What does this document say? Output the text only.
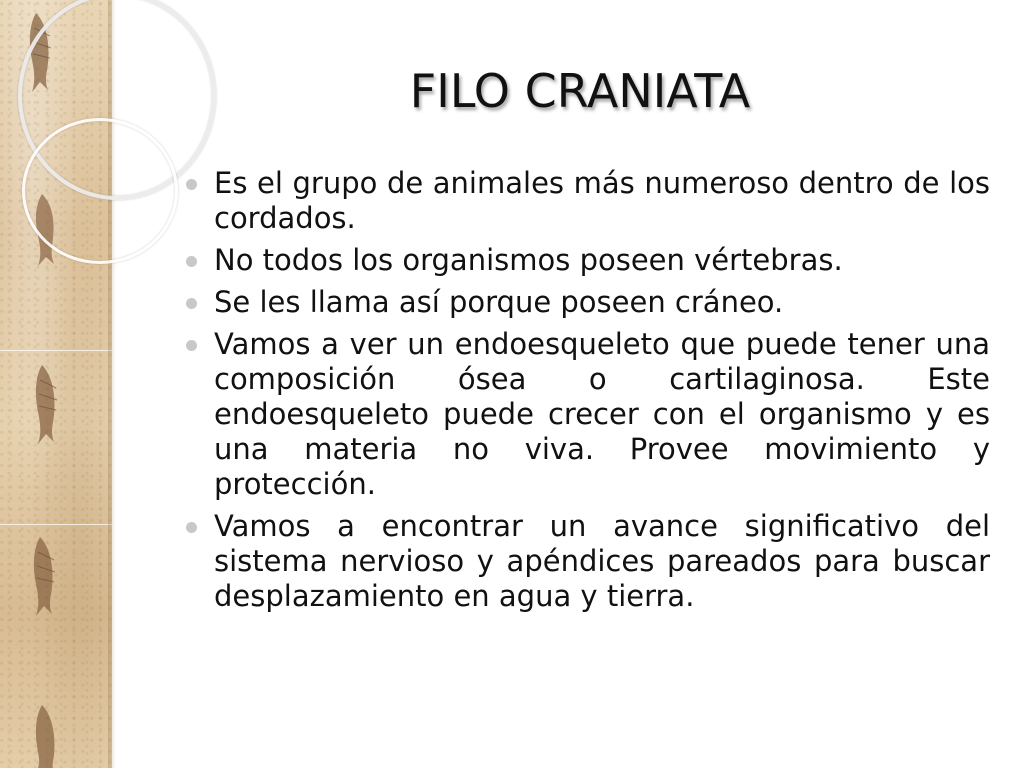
FILO CRANIATA
Es el grupo de animales más numeroso dentro de los cordados.
No todos los organismos poseen vértebras.
Se les llama así porque poseen cráneo.
Vamos a ver un endoesqueleto que puede tener una composición ósea o cartilaginosa. Este endoesqueleto puede crecer con el organismo y es una materia no viva. Provee movimiento y protección.
Vamos a encontrar un avance significativo del sistema nervioso y apéndices pareados para buscar desplazamiento en agua y tierra.
